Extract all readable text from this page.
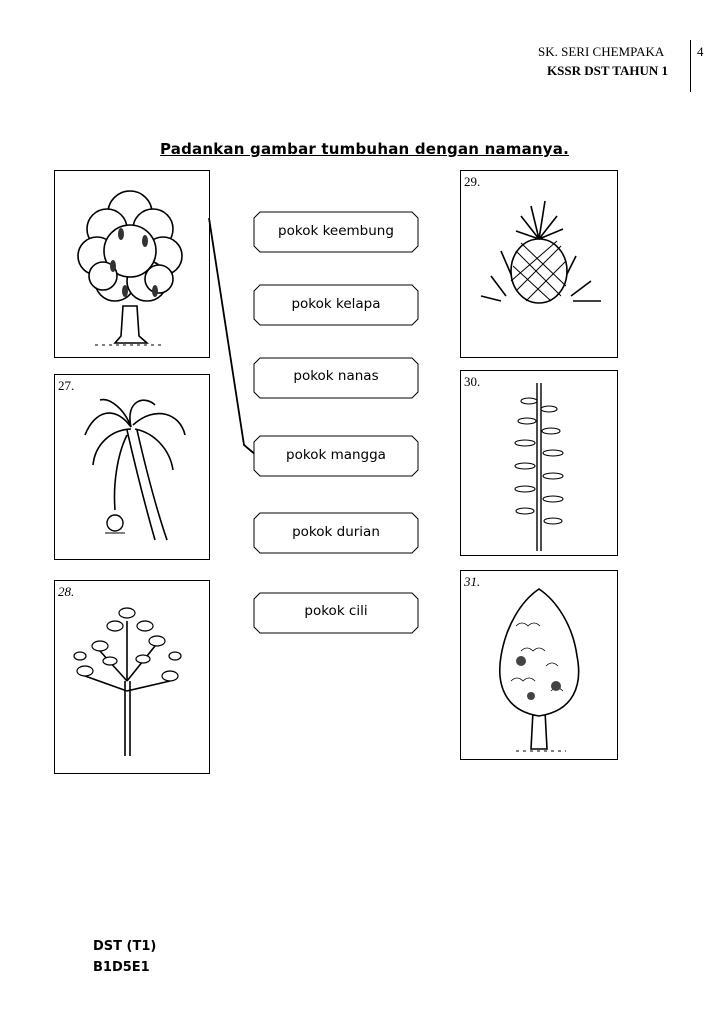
SK. SERI CHEMPAKA
KSSR DST TAHUN 1
4
Padankan gambar tumbuhan dengan namanya.
27.
28.
29.
30.
31.
pokok keembung
pokok kelapa
pokok nanas
pokok mangga
pokok durian
pokok cili
DST (T1)
B1D5E1
